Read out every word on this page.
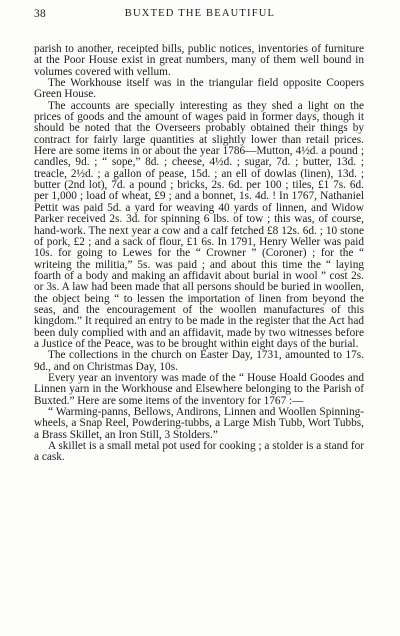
38	BUXTED THE BEAUTIFUL

parish to another, receipted bills, public notices, inventories of furniture at the Poor House exist in great numbers, many of them well bound in volumes covered with vellum.

The Workhouse itself was in the triangular field opposite Coopers Green House.

The accounts are specially interesting as they shed a light on the prices of goods and the amount of wages paid in former days, though it should be noted that the Overseers probably obtained their things by contract for fairly large quantities at slightly lower than retail prices. Here are some items in or about the year 1786—Mutton, 4½d. a pound ; candles, 9d. ; “ sope,” 8d. ; cheese, 4½d. ; sugar, 7d. ; butter, 13d. ; treacle, 2½d. ; a gallon of pease, 15d. ; an ell of dowlas (linen), 13d. ; butter (2nd lot), 7d. a pound ; bricks, 2s. 6d. per 100 ; tiles, £1 7s. 6d. per 1,000 ; load of wheat, £9 ; and a bonnet, 1s. 4d. ! In 1767, Nathaniel Pettit was paid 5d. a yard for weaving 40 yards of linnen, and Widow Parker received 2s. 3d. for spinning 6 lbs. of tow ; this was, of course, hand-work. The next year a cow and a calf fetched £8 12s. 6d. ; 10 stone of pork, £2 ; and a sack of flour, £1 6s. In 1791, Henry Weller was paid 10s. for going to Lewes for the “ Crowner ” (Coroner) ; for the “ writeing the militia,” 5s. was paid ; and about this time the “ laying foarth of a body and making an affidavit about burial in wool ” cost 2s. or 3s. A law had been made that all persons should be buried in woollen, the object being “ to lessen the importation of linen from beyond the seas, and the encouragement of the woollen manufactures of this kingdom.” It required an entry to be made in the register that the Act had been duly complied with and an affidavit, made by two witnesses before a Justice of the Peace, was to be brought within eight days of the burial.

The collections in the church on Easter Day, 1731, amounted to 17s. 9d., and on Christmas Day, 10s.

Every year an inventory was made of the “ House Hoald Goodes and Linnen yarn in the Workhouse and Elsewhere belonging to the Parish of Buxted.” Here are some items of the inventory for 1767 :—

“ Warming-panns, Bellows, Andirons, Linnen and Woollen Spinning-wheels, a Snap Reel, Powdering-tubbs, a Large Mish Tubb, Wort Tubbs, a Brass Skillet, an Iron Still, 3 Stolders.”

A skillet is a small metal pot used for cooking ; a stolder is a stand for a cask.
